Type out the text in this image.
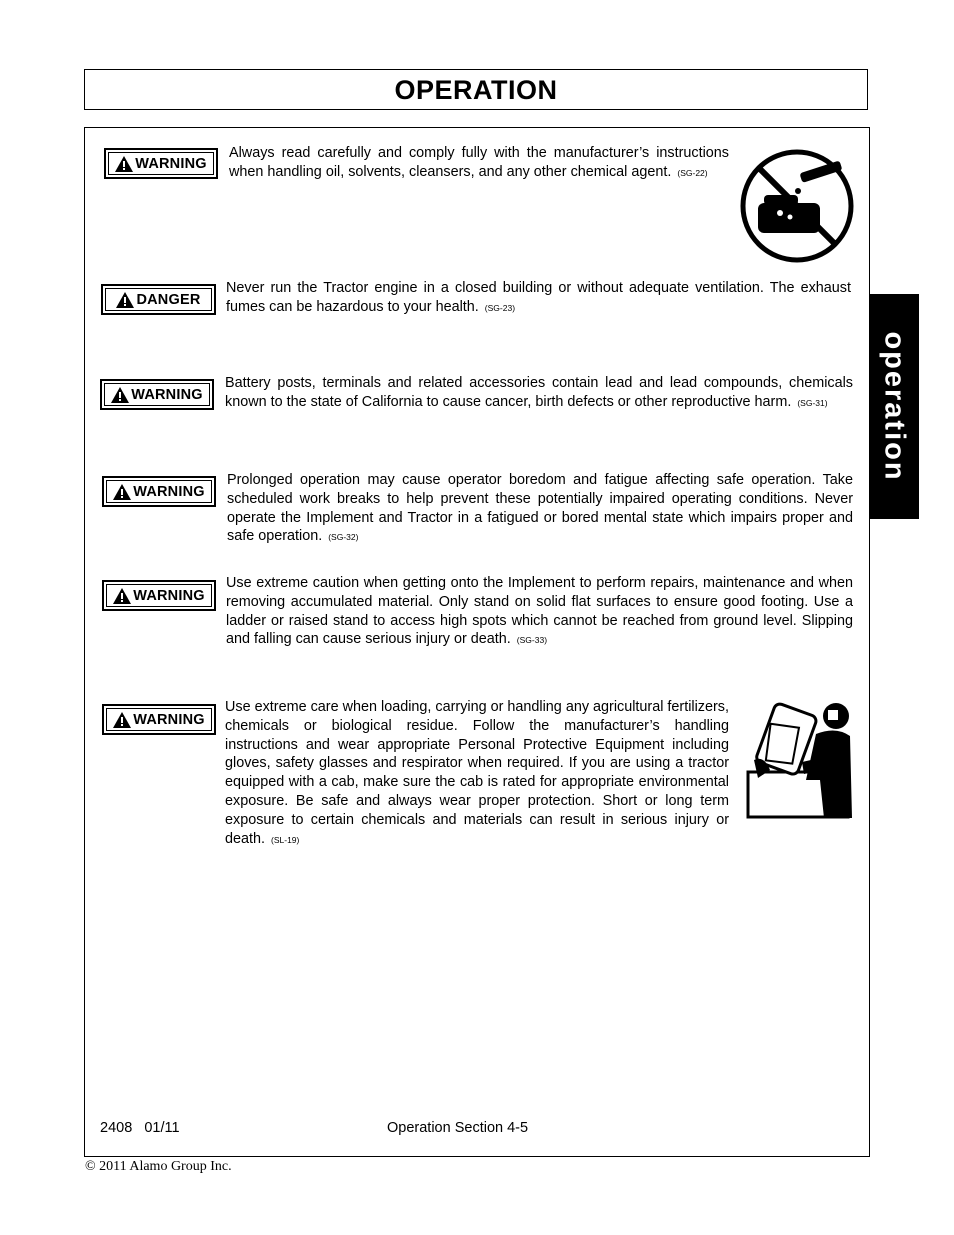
OPERATION
operation
WARNING
Always read carefully and comply fully with the manufacturer’s instructions when handling oil, solvents, cleansers, and any other chemical agent. (SG-22)
DANGER
Never run the Tractor engine in a closed building or without adequate ventilation. The exhaust fumes can be hazardous to your health. (SG-23)
WARNING
Battery posts, terminals and related accessories contain lead and lead compounds, chemicals known to the state of California to cause cancer, birth defects or other reproductive harm. (SG-31)
WARNING
Prolonged operation may cause operator boredom and fatigue affecting safe operation. Take scheduled work breaks to help prevent these potentially impaired operating conditions. Never operate the Implement and Tractor in a fatigued or bored mental state which impairs proper and safe operation. (SG-32)
WARNING
Use extreme caution when getting onto the Implement to perform repairs, maintenance and when removing accumulated material. Only stand on solid flat surfaces to ensure good footing. Use a ladder or raised stand to access high spots which cannot be reached from ground level. Slipping and falling can cause serious injury or death. (SG-33)
WARNING
Use extreme care when loading, carrying or handling any agricultural fertilizers, chemicals or biological residue. Follow the manufacturer’s handling instructions and wear appropriate Personal Protective Equipment including gloves, safety glasses and respirator when required. If you are using a tractor equipped with a cab, make sure the cab is rated for appropriate environmental exposure. Be safe and always wear proper protection. Short or long term exposure to certain chemicals and materials can result in serious injury or death. (SL-19)
2408   01/11	Operation Section 4-5
© 2011 Alamo Group Inc.
